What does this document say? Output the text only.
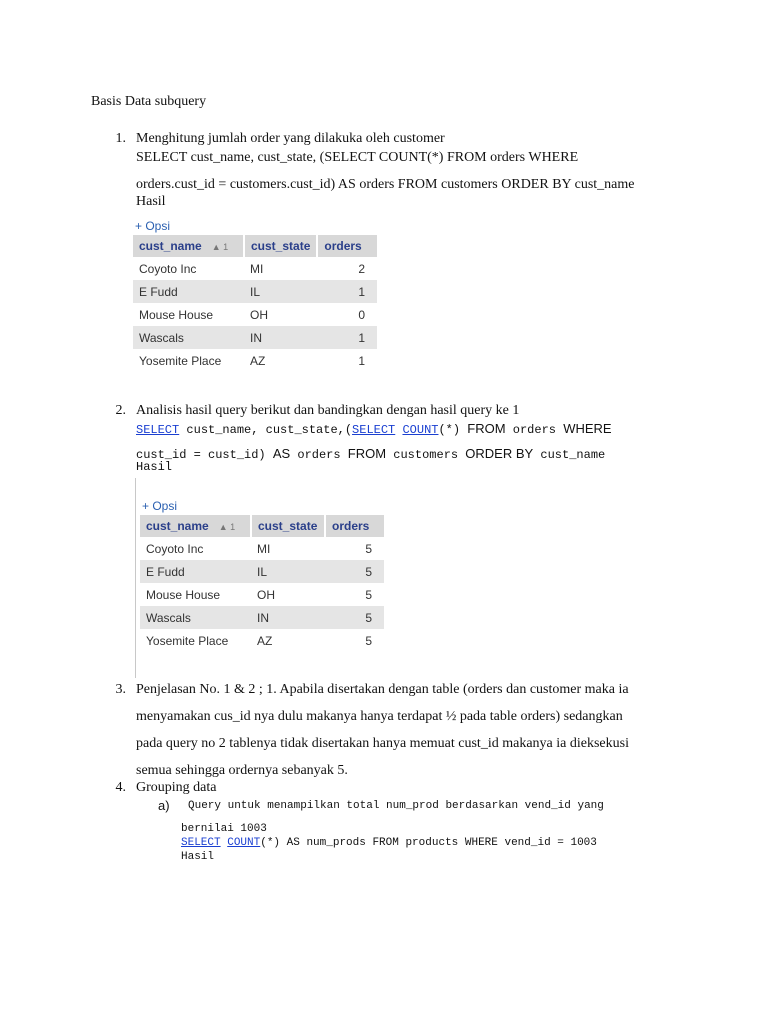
Basis Data subquery
1. Menghitung jumlah order yang dilakuka oleh customer
SELECT cust_name, cust_state, (SELECT COUNT(*) FROM orders WHERE
orders.cust_id = customers.cust_id) AS orders FROM customers ORDER BY cust_name
Hasil
+ Opsi
cust_name ▲ 1	cust_state	orders
Coyoto Inc	MI	2
E Fudd	IL	1
Mouse House	OH	0
Wascals	IN	1
Yosemite Place	AZ	1
2. Analisis hasil query berikut dan bandingkan dengan hasil query ke 1
SELECT cust_name, cust_state,(SELECT COUNT(*) FROM orders WHERE
cust_id = cust_id) AS orders FROM customers ORDER BY cust_name
Hasil
+ Opsi
cust_name ▲ 1	cust_state	orders
Coyoto Inc	MI	5
E Fudd	IL	5
Mouse House	OH	5
Wascals	IN	5
Yosemite Place	AZ	5
3. Penjelasan No. 1 & 2 ; 1. Apabila disertakan dengan table (orders dan customer maka ia
menyamakan cus_id nya dulu makanya hanya terdapat ½ pada table orders) sedangkan
pada query no 2 tablenya tidak disertakan hanya memuat cust_id makanya ia dieksekusi
semua sehingga ordernya sebanyak 5.
4. Grouping data
a) Query untuk menampilkan total num_prod berdasarkan vend_id yang
bernilai 1003
SELECT COUNT(*) AS num_prods FROM products WHERE vend_id = 1003
Hasil
